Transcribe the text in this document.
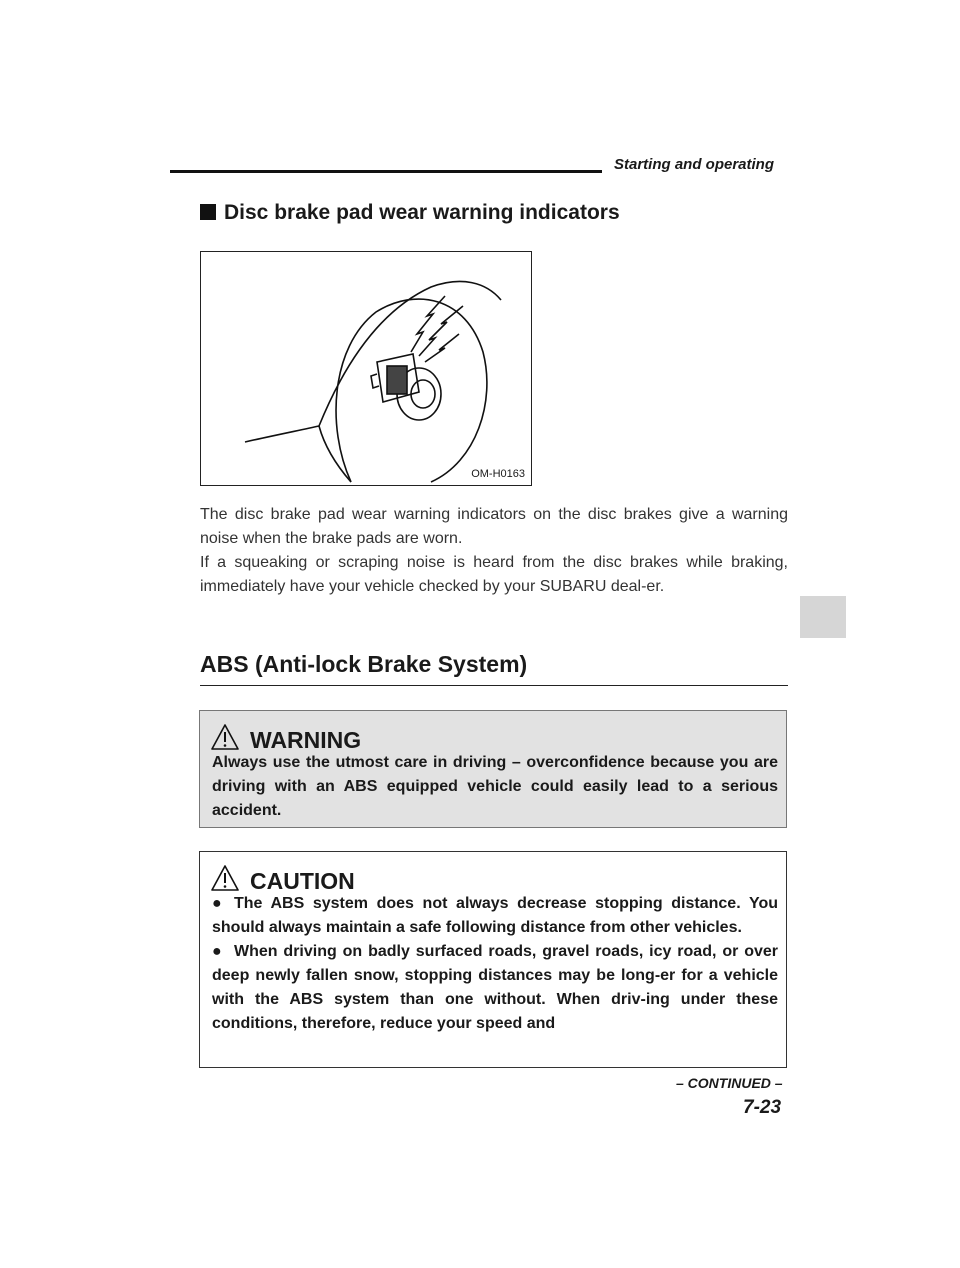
Starting and operating
Disc brake pad wear warning indicators
OM-H0163

The disc brake pad wear warning indicators on the disc brakes give a warning noise when the brake pads are worn.

If a squeaking or scraping noise is heard from the disc brakes while braking, immediately have your vehicle checked by your SUBARU deal-er.

ABS (Anti-lock Brake System)
WARNING

Always use the utmost care in driving – overconfidence because you are driving with an ABS equipped vehicle could easily lead to a serious accident.

CAUTION

● The ABS system does not always decrease stopping distance. You should always maintain a safe following distance from other vehicles.
● When driving on badly surfaced roads, gravel roads, icy road, or over deep newly fallen snow, stopping distances may be long-er for a vehicle with the ABS system than one without. When driv-ing under these conditions, therefore, reduce your speed and

– CONTINUED –
7-23
